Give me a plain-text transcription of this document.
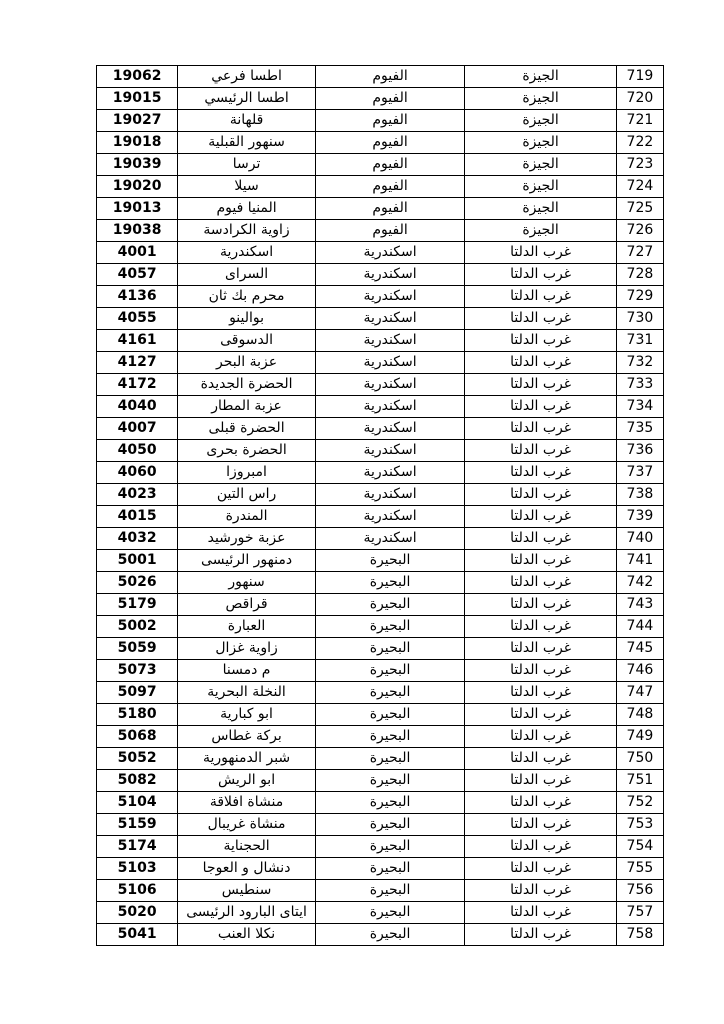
719	الجيزة	الفيوم	اطسا فرعي	19062
720	الجيزة	الفيوم	اطسا الرئيسي	19015
721	الجيزة	الفيوم	قلهانة	19027
722	الجيزة	الفيوم	سنهور القبلية	19018
723	الجيزة	الفيوم	ترسا	19039
724	الجيزة	الفيوم	سيلا	19020
725	الجيزة	الفيوم	المنيا فيوم	19013
726	الجيزة	الفيوم	زاوية الكرادسة	19038
727	غرب الدلتا	اسكندرية	اسكندرية	4001
728	غرب الدلتا	اسكندرية	السراى	4057
729	غرب الدلتا	اسكندرية	محرم بك ثان	4136
730	غرب الدلتا	اسكندرية	بوالينو	4055
731	غرب الدلتا	اسكندرية	الدسوقى	4161
732	غرب الدلتا	اسكندرية	عزبة البحر	4127
733	غرب الدلتا	اسكندرية	الحضرة الجديدة	4172
734	غرب الدلتا	اسكندرية	عزبة المطار	4040
735	غرب الدلتا	اسكندرية	الحضرة قبلى	4007
736	غرب الدلتا	اسكندرية	الحضرة بحرى	4050
737	غرب الدلتا	اسكندرية	امبروزا	4060
738	غرب الدلتا	اسكندرية	راس التين	4023
739	غرب الدلتا	اسكندرية	المندرة	4015
740	غرب الدلتا	اسكندرية	عزبة خورشيد	4032
741	غرب الدلتا	البحيرة	دمنهور الرئيسى	5001
742	غرب الدلتا	البحيرة	سنهور	5026
743	غرب الدلتا	البحيرة	قراقص	5179
744	غرب الدلتا	البحيرة	العبارة	5002
745	غرب الدلتا	البحيرة	زاوية غزال	5059
746	غرب الدلتا	البحيرة	م دمسنا	5073
747	غرب الدلتا	البحيرة	النخلة البحرية	5097
748	غرب الدلتا	البحيرة	ابو كبارية	5180
749	غرب الدلتا	البحيرة	بركة غطاس	5068
750	غرب الدلتا	البحيرة	شبر الدمنهورية	5052
751	غرب الدلتا	البحيرة	ابو الريش	5082
752	غرب الدلتا	البحيرة	منشاة افلاقة	5104
753	غرب الدلتا	البحيرة	منشاة غريبال	5159
754	غرب الدلتا	البحيرة	الحجناية	5174
755	غرب الدلتا	البحيرة	دنشال و العوجا	5103
756	غرب الدلتا	البحيرة	سنطيس	5106
757	غرب الدلتا	البحيرة	ايتاى البارود الرئيسى	5020
758	غرب الدلتا	البحيرة	نكلا العنب	5041
